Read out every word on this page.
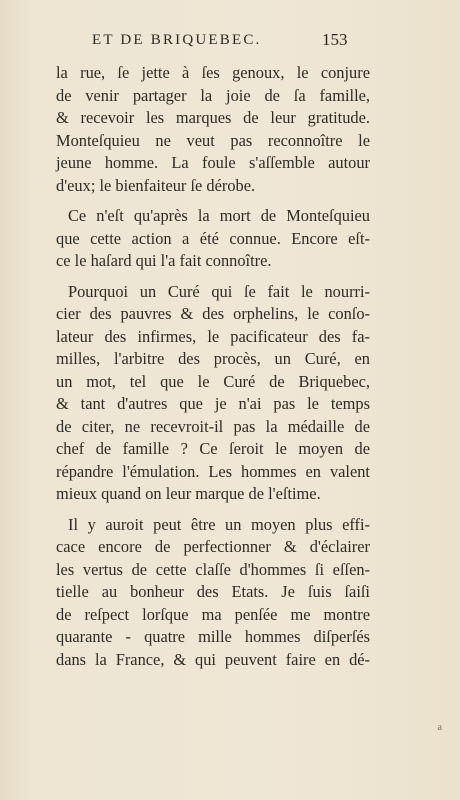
ET DE BRIQUEBEC.	153

la rue, ſe jette à ſes genoux, le conjure
de venir partager la joie de ſa famille,
& recevoir les marques de leur gratitude.
Monteſquieu ne veut pas reconnoître le
jeune homme. La foule s'aſſemble autour
d'eux; le bienfaiteur ſe dérobe.

Ce n'eſt qu'après la mort de Monteſquieu
que cette action a été connue. Encore eſt-
ce le haſard qui l'a fait connoître.

Pourquoi un Curé qui ſe fait le nourri-
cier des pauvres & des orphelins, le conſo-
lateur des infirmes, le pacificateur des fa-
milles, l'arbitre des procès, un Curé, en
un mot, tel que le Curé de Briquebec,
& tant d'autres que je n'ai pas le temps
de citer, ne recevroit-il pas la médaille de
chef de famille ? Ce ſeroit le moyen de
répandre l'émulation. Les hommes en valent
mieux quand on leur marque de l'eſtime.

Il y auroit peut être un moyen plus effi-
cace encore de perfectionner & d'éclairer
les vertus de cette claſſe d'hommes ſi eſſen-
tielle au bonheur des Etats. Je ſuis ſaiſi
de reſpect lorſque ma penſée me montre
quarante - quatre mille hommes diſperſés
dans la France, & qui peuvent faire en dé-

a
